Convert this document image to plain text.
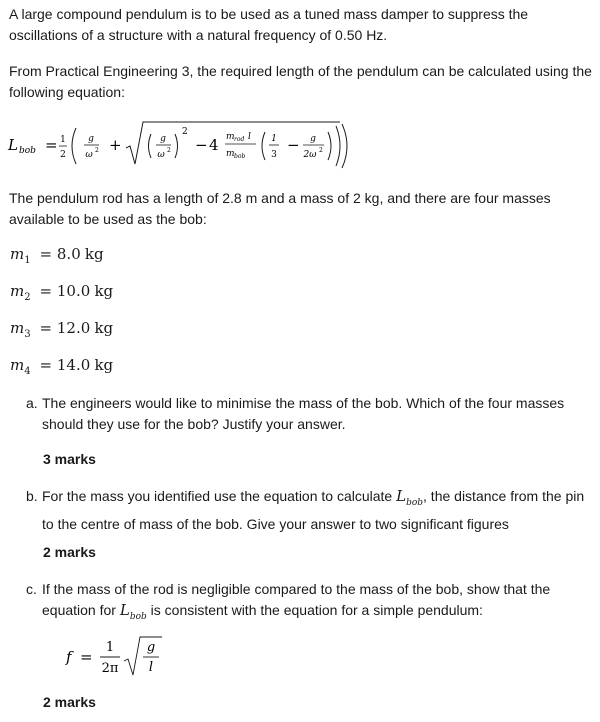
A large compound pendulum is to be used as a tuned mass damper to suppress the oscillations of a structure with a natural frequency of 0.50 Hz.

From Practical Engineering 3, the required length of the pendulum can be calculated using the following equation:

L bob = 1
2
g
ω 2 +	g
ω 2
2
− 4 m rod l
m bob
1
3
− g
2ω 2

The pendulum rod has a length of 2.8 m and a mass of 2 kg, and there are four masses available to be used as the bob:

$m_1 = 8.0$ kg
$m_2 = 10.0$ kg
$m_3 = 12.0$ kg
$m_4 = 14.0$ kg
a. The engineers would like to minimise the mass of the bob. Which of the four masses should they use for the bob? Justify your answer.
3 marks
b. For the mass you identified use the equation to calculate $L_{bob}$, the distance from the pin to the centre of mass of the bob. Give your answer to two significant figures
2 marks
c. If the mass of the rod is negligible compared to the mass of the bob, show that the equation for $L_{bob}$ is consistent with the equation for a simple pendulum:
f =
1
2π
g
l
2 marks
